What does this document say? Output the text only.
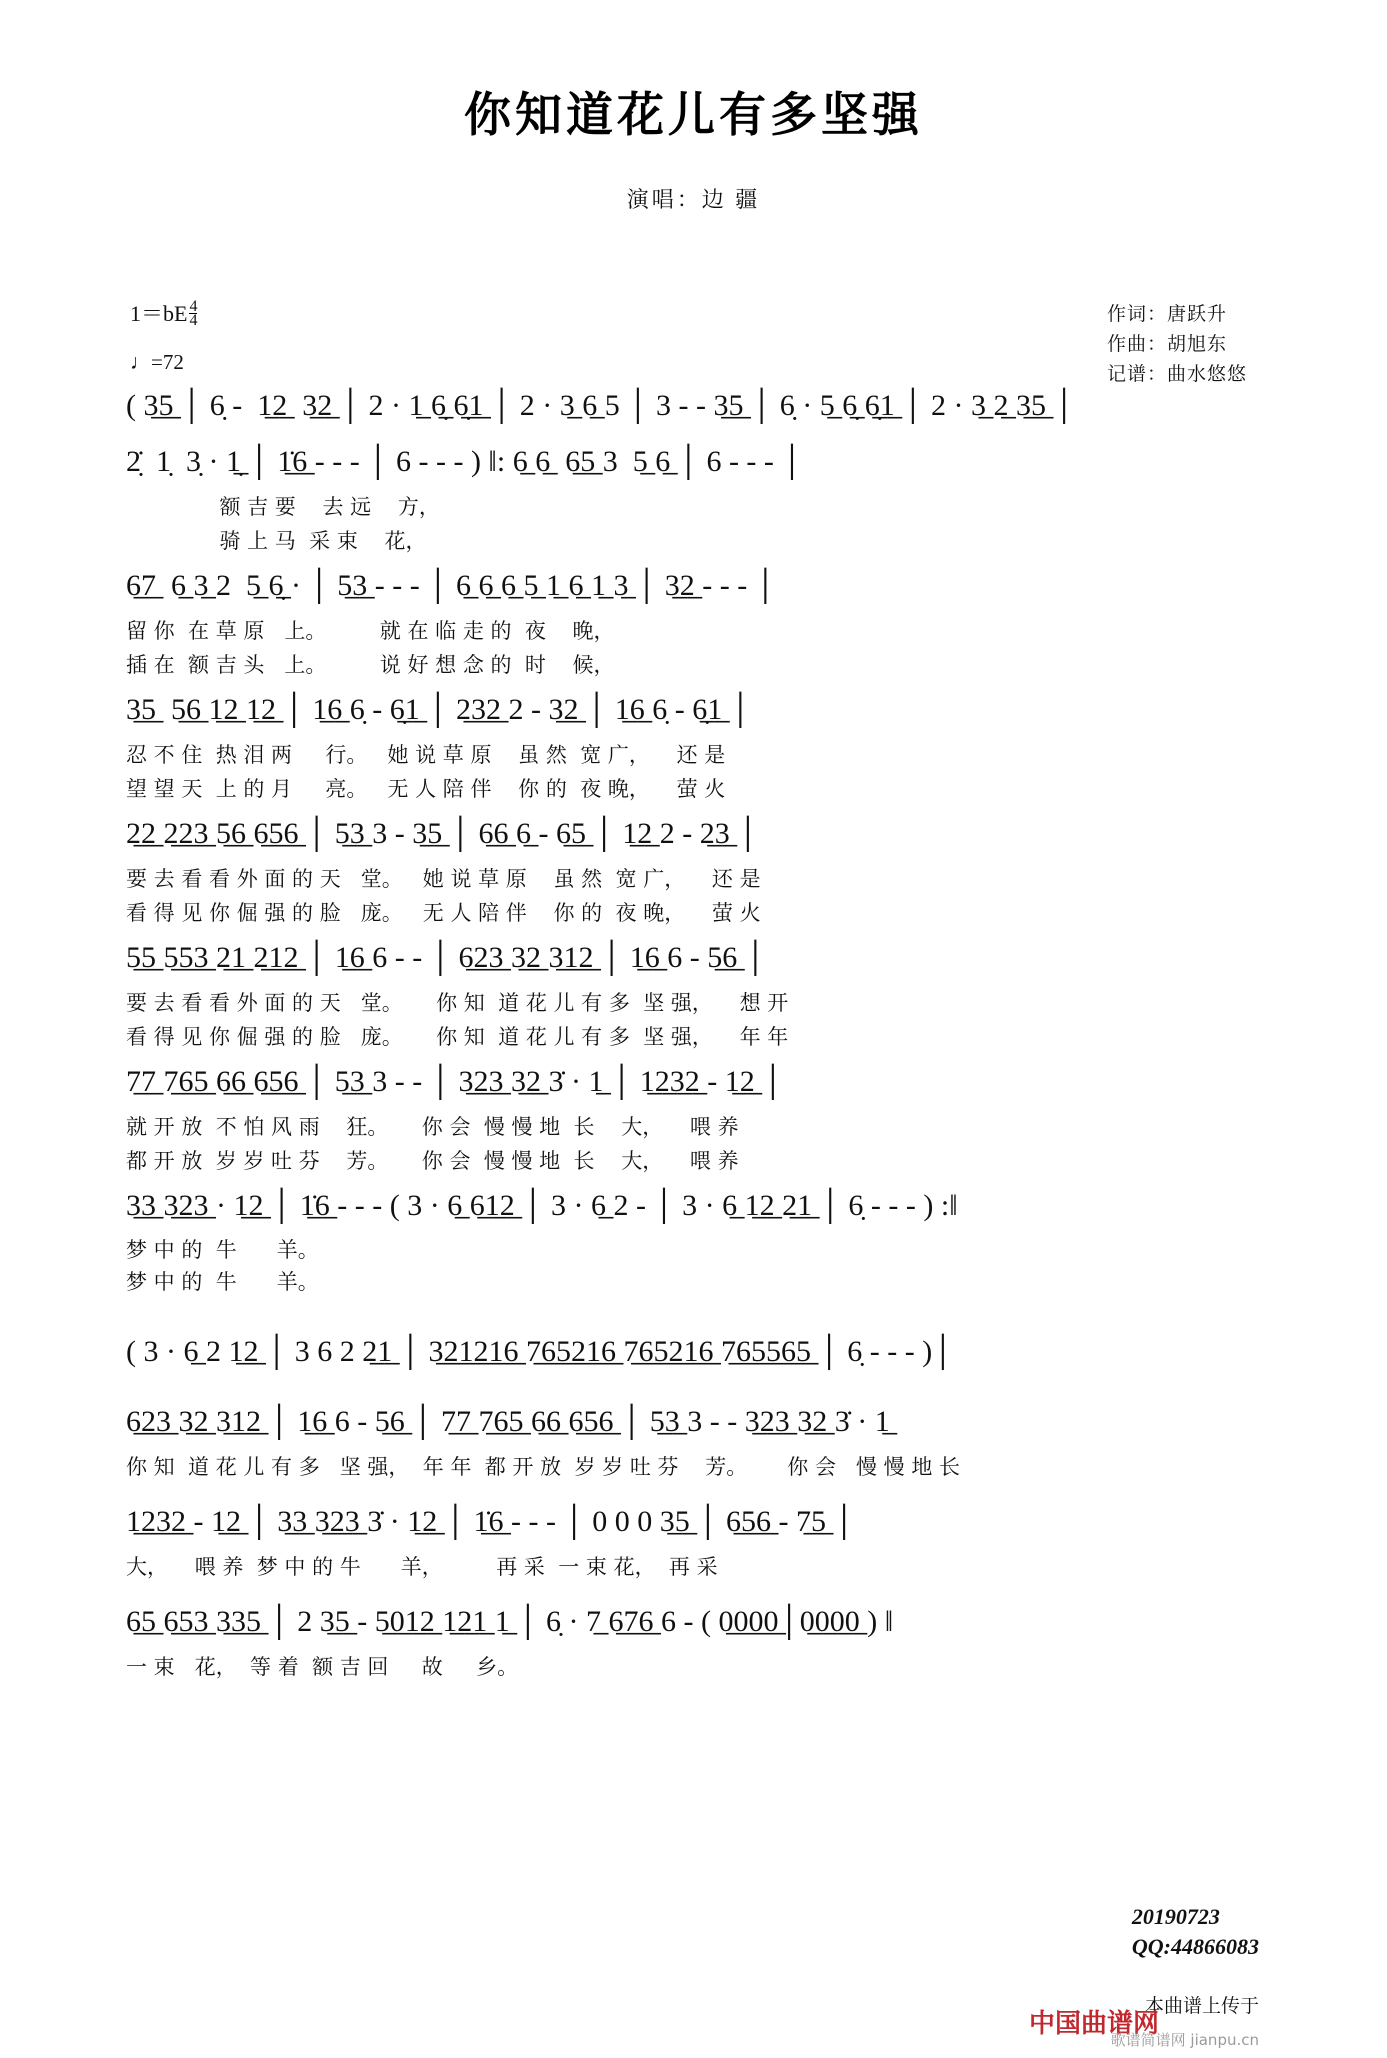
你知道花儿有多坚强
演唱：边 疆
$1=bE \frac{4}{4}$
♩=72
作词：唐跃升
作曲：胡旭东
记谱：曲水悠悠
( 3̲5̲ │ 6̣ -  1̲2̲  3̲2̲ │ 2 · 1̲ 6̣̲ 6̣̲1̲ │ 2 · 3̲ 6̲ 5 │ 3 - - 3̲5̲ │ 6̣ · 5̲ 6̣̲ 6̣̲1̲ │ 2 · 3̲ 2̲ 3̲5̲ │
2̣̇  1̣  3̣ · 1̣̲ │ 1̲̇6̲ - - - │ 6 - - - ) ‖: 6̲ 6̲  6̲5̲ 3  5̲ 6̲ │ 6 - - - │
额 吉 要    去 远    方，
骑 上 马  采 束    花，
6̲7̲  6̲ 3̲ 2  5̲ 6̣̲ · │ 5̲3̲ - - - │ 6̲ 6̲ 6̲ 5̲ 1̲ 6̲ 1̲ 3̲ │ 3̲2̲ - - - │
留 你  在 草 原   上。        就 在 临 走 的  夜    晚，
插 在  额 吉 头   上。        说 好 想 念 的  时    候，
3̲5̲  5̲6̲ 1̲2̲ 1̲2̲ │ 1̲6̲ 6̣ - 6̣̲1̲ │ 2̲3̲2̲ 2 - 3̲2̲ │ 1̲6̲ 6̣ - 6̣̲1̲ │
忍 不 住  热 泪 两     行。   她 说 草 原    虽 然  宽 广，    还 是
望 望 天  上 的 月     亮。   无 人 陪 伴    你 的  夜 晚，    萤 火
2̲2̲ 2̲2̲3̲ 5̲6̲ 6̲5̲6̲ │ 5̲3̲ 3 - 3̲5̲ │ 6̲6̲ 6̲ - 6̲5̲ │ 1̲2̲ 2 - 2̲3̲ │
要 去 看 看 外 面 的 天   堂。   她 说 草 原    虽 然  宽 广，    还 是
看 得 见 你 倔 强 的 脸   庞。   无 人 陪 伴    你 的  夜 晚，    萤 火
5̲5̲ 5̲5̲3̲ 2̲1̲ 2̲1̲2̲ │ 1̲6̲ 6 - - │ 6̲2̲3̲ 3̲2̲ 3̲1̲2̲ │ 1̲6̲ 6 - 5̲6̲ │
要 去 看 看 外 面 的 天   堂。     你 知  道 花 儿 有 多  坚 强，    想 开
看 得 见 你 倔 强 的 脸   庞。     你 知  道 花 儿 有 多  坚 强，    年 年
7̲7̲ 7̲6̲5̲ 6̲6̲ 6̲5̲6̲ │ 5̲3̲ 3 - - │ 3̲2̲3̲ 3̲2̲ 3̇ · 1̲ │ 1̲2̲3̲2̲ - 1̲2̲ │
就 开 放  不 怕 风 雨    狂。     你 会  慢 慢 地  长    大，    喂 养
都 开 放  岁 岁 吐 芬    芳。     你 会  慢 慢 地  长    大，    喂 养
3̲3̲ 3̲2̲3̲ · 1̲2̲ │ 1̲̇6̲ - - - ( 3 · 6̲ 6̲1̲2̲ │ 3 · 6̲ 2 - │ 3 · 6̲ 1̲2̲ 2̲1̲ │ 6̣ - - - ) :‖
梦 中 的  牛      羊。
梦 中 的  牛      羊。
( 3 · 6̲ 2 1̲2̲ │ 3 6 2 2̲1̲ │ 3̲2̲1̲2̲1̲6̲ 7̲6̲5̲2̲1̲6̲ 7̲6̲5̲2̲1̲6̲ 7̲6̲5̲5̲6̲5̲ │ 6̣ - - - )│
6̲2̲3̲ 3̲2̲ 3̲1̲2̲ │ 1̲6̲ 6 - 5̲6̲ │ 7̲7̲ 7̲6̲5̲ 6̲6̲ 6̲5̲6̲ │ 5̲3̲ 3 - - 3̲2̲3̲ 3̲2̲ 3̇ · 1̲
你 知  道 花 儿 有 多   坚 强，  年 年  都 开 放  岁 岁 吐 芬    芳。      你 会   慢 慢 地 长
1̲2̲3̲2̲ - 1̲2̲ │ 3̲3̲ 3̲2̲3̲ 3̇ · 1̲2̲ │ 1̲̇6̲ - - - │ 0 0 0 3̲5̲ │ 6̲5̲6̲ - 7̲5̲ │
大，    喂 养  梦 中 的 牛      羊，        再 采  一 束 花，  再 采
6̲5̲ 6̲5̲3̲ 3̲3̲5̲ │ 2 3̲5̲ - 5̲0̲1̲2̲ 1̲2̲1̲ 1̲ │ 6̣ · 7̲ 6̲7̲6̲ 6 - ( 0̲0̲0̲0̲│0̲0̲0̲0̲ ) ‖
一 束   花，  等 着  额 吉 回     故     乡。
20190723
QQ:44866083
本曲谱上传于
中国曲谱网
歌谱简谱网 jianpu.cn
